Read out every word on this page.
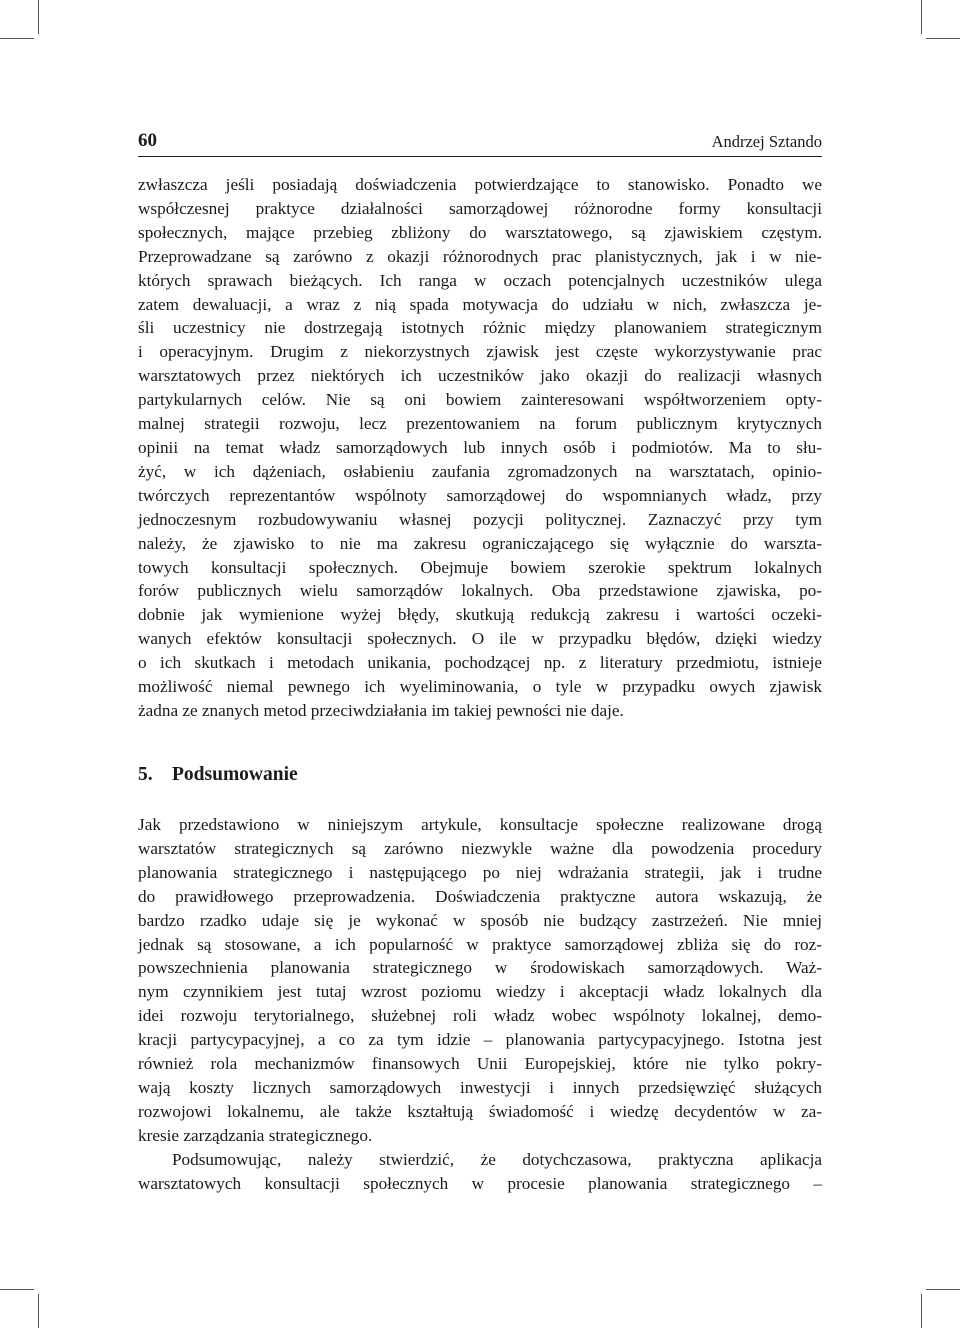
60	Andrzej Sztando

zwłaszcza jeśli posiadają doświadczenia potwierdzające to stanowisko. Ponadto we
współczesnej praktyce działalności samorządowej różnorodne formy konsultacji
społecznych, mające przebieg zbliżony do warsztatowego, są zjawiskiem częstym.
Przeprowadzane są zarówno z okazji różnorodnych prac planistycznych, jak i w nie-
których sprawach bieżących. Ich ranga w oczach potencjalnych uczestników ulega
zatem dewaluacji, a wraz z nią spada motywacja do udziału w nich, zwłaszcza je-
śli uczestnicy nie dostrzegają istotnych różnic między planowaniem strategicznym
i operacyjnym. Drugim z niekorzystnych zjawisk jest częste wykorzystywanie prac
warsztatowych przez niektórych ich uczestników jako okazji do realizacji własnych
partykularnych celów. Nie są oni bowiem zainteresowani współtworzeniem opty-
malnej strategii rozwoju, lecz prezentowaniem na forum publicznym krytycznych
opinii na temat władz samorządowych lub innych osób i podmiotów. Ma to słu-
żyć, w ich dążeniach, osłabieniu zaufania zgromadzonych na warsztatach, opinio-
twórczych reprezentantów wspólnoty samorządowej do wspomnianych władz, przy
jednoczesnym rozbudowywaniu własnej pozycji politycznej. Zaznaczyć przy tym
należy, że zjawisko to nie ma zakresu ograniczającego się wyłącznie do warszta-
towych konsultacji społecznych. Obejmuje bowiem szerokie spektrum lokalnych
forów publicznych wielu samorządów lokalnych. Oba przedstawione zjawiska, po-
dobnie jak wymienione wyżej błędy, skutkują redukcją zakresu i wartości oczeki-
wanych efektów konsultacji społecznych. O ile w przypadku błędów, dzięki wiedzy
o ich skutkach i metodach unikania, pochodzącej np. z literatury przedmiotu, istnieje
możliwość niemal pewnego ich wyeliminowania, o tyle w przypadku owych zjawisk
żadna ze znanych metod przeciwdziałania im takiej pewności nie daje.

5. Podsumowanie

Jak przedstawiono w niniejszym artykule, konsultacje społeczne realizowane drogą
warsztatów strategicznych są zarówno niezwykle ważne dla powodzenia procedury
planowania strategicznego i następującego po niej wdrażania strategii, jak i trudne
do prawidłowego przeprowadzenia. Doświadczenia praktyczne autora wskazują, że
bardzo rzadko udaje się je wykonać w sposób nie budzący zastrzeżeń. Nie mniej
jednak są stosowane, a ich popularność w praktyce samorządowej zbliża się do roz-
powszechnienia planowania strategicznego w środowiskach samorządowych. Waż-
nym czynnikiem jest tutaj wzrost poziomu wiedzy i akceptacji władz lokalnych dla
idei rozwoju terytorialnego, służebnej roli władz wobec wspólnoty lokalnej, demo-
kracji partycypacyjnej, a co za tym idzie – planowania partycypacyjnego. Istotna jest
również rola mechanizmów finansowych Unii Europejskiej, które nie tylko pokry-
wają koszty licznych samorządowych inwestycji i innych przedsięwzięć służących
rozwojowi lokalnemu, ale także kształtują świadomość i wiedzę decydentów w za-
kresie zarządzania strategicznego.

Podsumowując, należy stwierdzić, że dotychczasowa, praktyczna aplikacja
warsztatowych konsultacji społecznych w procesie planowania strategicznego –
